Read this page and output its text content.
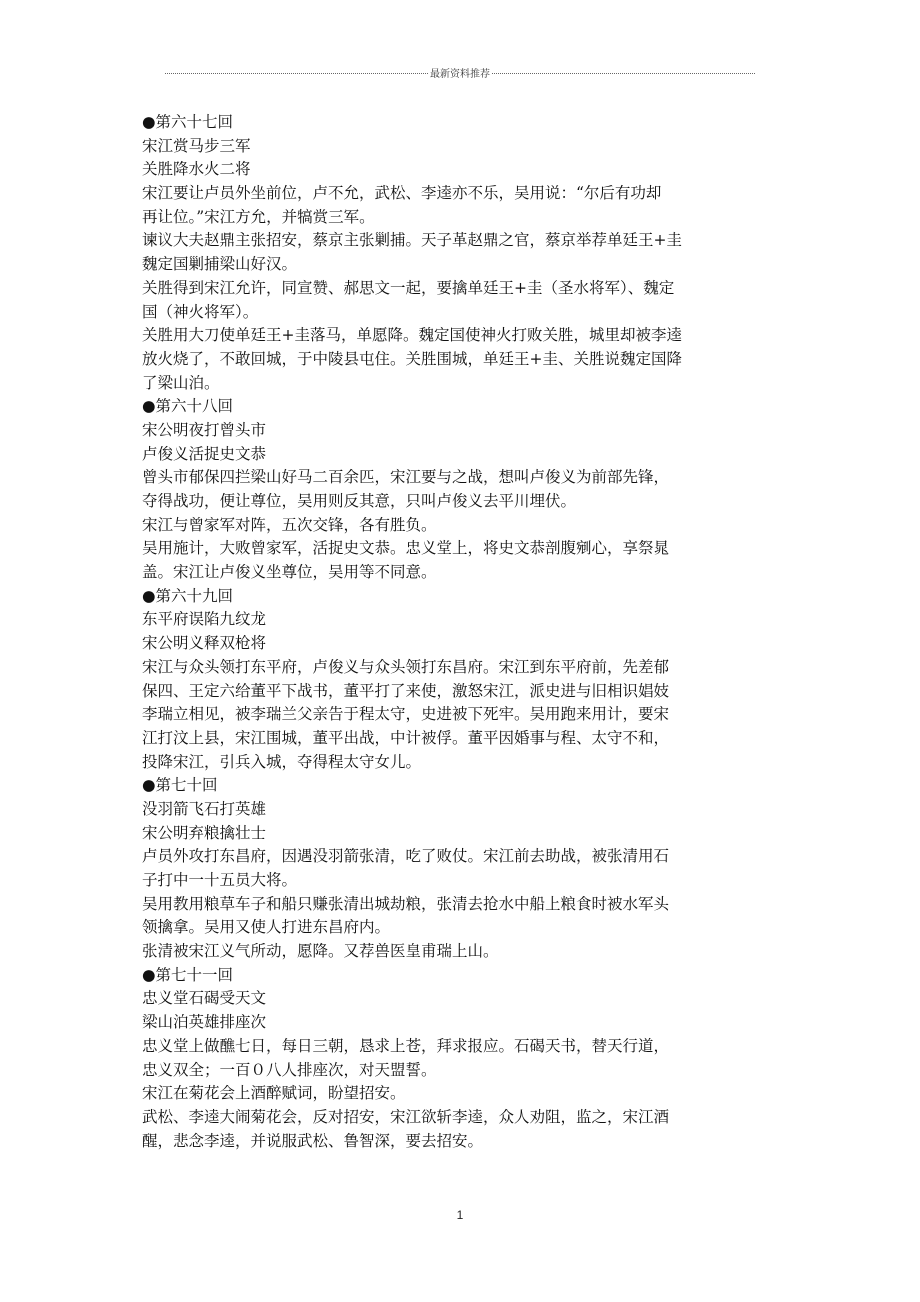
最新资料推荐
●第六十七回
宋江赏马步三军
关胜降水火二将
宋江要让卢员外坐前位，卢不允，武松、李逵亦不乐，吴用说：“尔后有功却
再让位。”宋江方允，并犒赏三军。
谏议大夫赵鼎主张招安，蔡京主张剿捕。天子革赵鼎之官，蔡京举荐单廷王+圭
魏定国剿捕梁山好汉。
关胜得到宋江允许，同宣赞、郝思文一起，要擒单廷王+圭（圣水将军）、魏定
国（神火将军）。
关胜用大刀使单廷王+圭落马，单愿降。魏定国使神火打败关胜，城里却被李逵
放火烧了，不敢回城，于中陵县屯住。关胜围城，单廷王+圭、关胜说魏定国降
了梁山泊。
●第六十八回
宋公明夜打曾头市
卢俊义活捉史文恭
曾头市郁保四拦梁山好马二百余匹，宋江要与之战，想叫卢俊义为前部先锋，
夺得战功，便让尊位，吴用则反其意，只叫卢俊义去平川埋伏。
宋江与曾家军对阵，五次交锋，各有胜负。
吴用施计，大败曾家军，活捉史文恭。忠义堂上，将史文恭剖腹剜心，享祭晁
盖。宋江让卢俊义坐尊位，吴用等不同意。
●第六十九回
东平府误陷九纹龙
宋公明义释双枪将
宋江与众头领打东平府，卢俊义与众头领打东昌府。宋江到东平府前，先差郁
保四、王定六给董平下战书，董平打了来使，激怒宋江，派史进与旧相识娼妓
李瑞立相见，被李瑞兰父亲告于程太守，史进被下死牢。吴用跑来用计，要宋
江打汶上县，宋江围城，董平出战，中计被俘。董平因婚事与程、太守不和，
投降宋江，引兵入城，夺得程太守女儿。
●第七十回
没羽箭飞石打英雄
宋公明弃粮擒壮士
卢员外攻打东昌府，因遇没羽箭张清，吃了败仗。宋江前去助战，被张清用石
子打中一十五员大将。
吴用教用粮草车子和船只赚张清出城劫粮，张清去抢水中船上粮食时被水军头
领擒拿。吴用又使人打进东昌府内。
张清被宋江义气所动，愿降。又荐兽医皇甫瑞上山。
●第七十一回
忠义堂石碣受天文
梁山泊英雄排座次
忠义堂上做醮七日，每日三朝，恳求上苍，拜求报应。石碣天书，替天行道，
忠义双全；一百０八人排座次，对天盟誓。
宋江在菊花会上酒醉赋词，盼望招安。
武松、李逵大闹菊花会，反对招安，宋江欲斩李逵，众人劝阻，监之，宋江酒
醒，悲念李逵，并说服武松、鲁智深，要去招安。
1
